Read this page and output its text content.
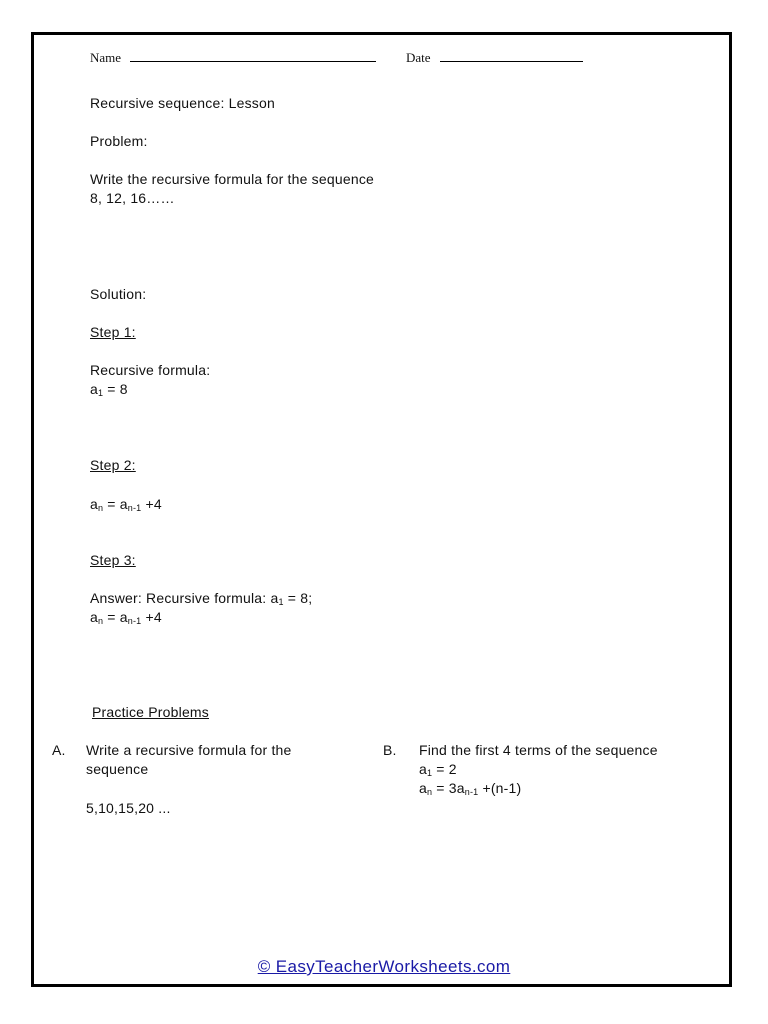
Name	Date
Recursive sequence: Lesson
Problem:
Write the recursive formula for the sequence
8, 12, 16……
Solution:
Step 1:
Recursive formula:
$a_1 = 8$
Step 2:
$a_n = a_{n-1} +4$
Step 3:
Answer: Recursive formula: $a_1 = 8$;
$a_n = a_{n-1} +4$
Practice Problems
A. Write a recursive formula for the
sequence
5,10,15,20 ...
B. Find the first 4 terms of the sequence
$a_1 = 2$
$a_n = 3a_{n-1} +(n-1)$
© EasyTeacherWorksheets.com
